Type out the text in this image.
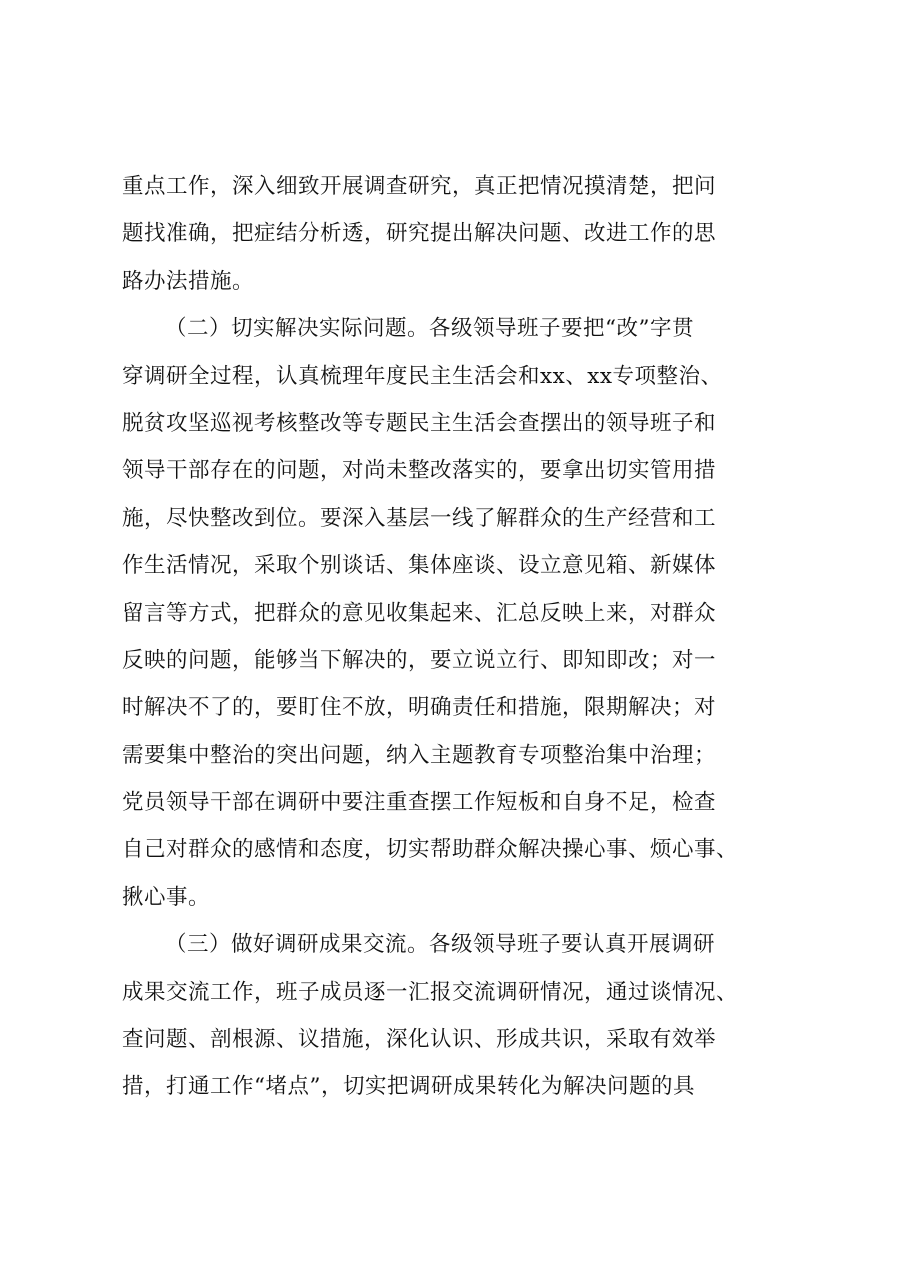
重点工作，深入细致开展调查研究，真正把情况摸清楚，把问
题找准确，把症结分析透，研究提出解决问题、改进工作的思
路办法措施。
（二）切实解决实际问题。各级领导班子要把“改”字贯
穿调研全过程，认真梳理年度民主生活会和xx、xx专项整治、
脱贫攻坚巡视考核整改等专题民主生活会查摆出的领导班子和
领导干部存在的问题，对尚未整改落实的，要拿出切实管用措
施，尽快整改到位。要深入基层一线了解群众的生产经营和工
作生活情况，采取个别谈话、集体座谈、设立意见箱、新媒体
留言等方式，把群众的意见收集起来、汇总反映上来，对群众
反映的问题，能够当下解决的，要立说立行、即知即改；对一
时解决不了的，要盯住不放，明确责任和措施，限期解决；对
需要集中整治的突出问题，纳入主题教育专项整治集中治理；
党员领导干部在调研中要注重查摆工作短板和自身不足，检查
自己对群众的感情和态度，切实帮助群众解决操心事、烦心事、
揪心事。
（三）做好调研成果交流。各级领导班子要认真开展调研
成果交流工作，班子成员逐一汇报交流调研情况，通过谈情况、
查问题、剖根源、议措施，深化认识、形成共识，采取有效举
措，打通工作“堵点”，切实把调研成果转化为解决问题的具
